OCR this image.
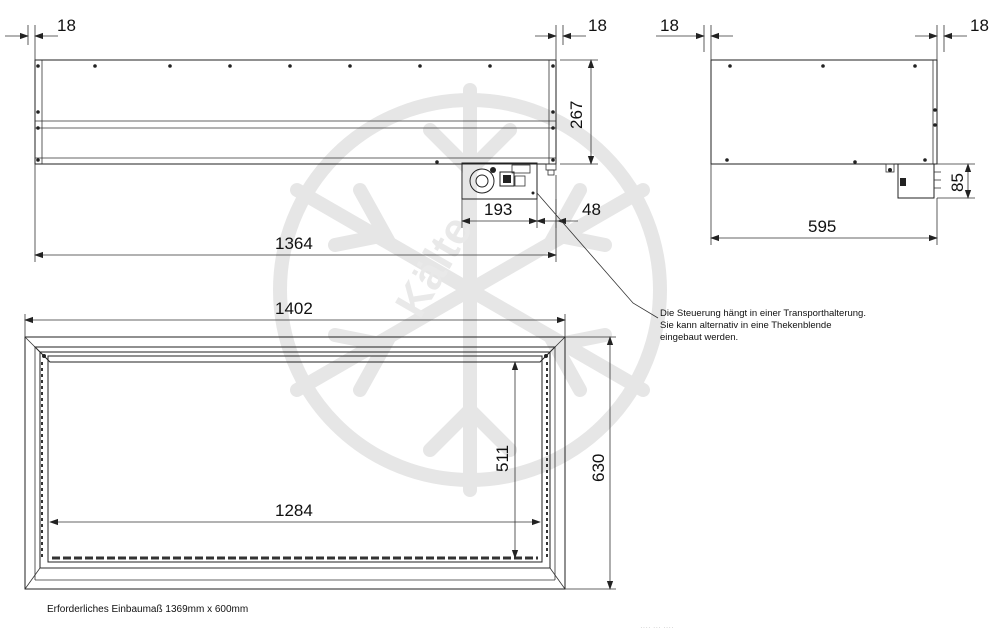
Kälte
18	18
267
193	48
1364
Die Steuerung hängt in einer Transporthalterung.
Sie kann alternativ in eine Thekenblende
eingebaut werden.
18	18
85
595
1402
630
511
1284
Erforderliches Einbaumaß 1369mm x 600mm
···· ··· ····
